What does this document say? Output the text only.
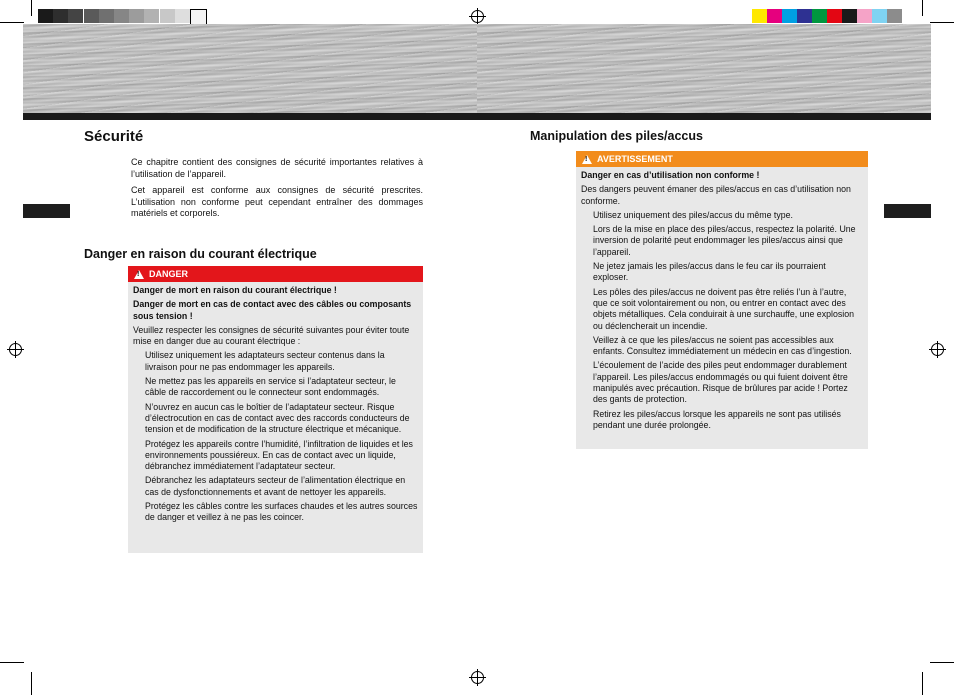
Sécurité

Ce chapitre contient des consignes de sécurité importantes relatives à l’utilisation de l’appareil.

Cet appareil est conforme aux consignes de sécurité prescrites. L’utilisation non conforme peut cependant entraîner des dommages matériels et corporels.

Danger en raison du courant électrique
! DANGER

Danger de mort en raison du courant électrique !

Danger de mort en cas de contact avec des câbles ou composants sous tension !

Veuillez respecter les consignes de sécurité suivantes pour éviter toute mise en danger due au courant électrique :

Utilisez uniquement les adaptateurs secteur contenus dans la livraison pour ne pas endommager les appareils.

Ne mettez pas les appareils en service si l’adaptateur secteur, le câble de raccordement ou le connecteur sont endommagés.

N’ouvrez en aucun cas le boîtier de l’adaptateur secteur. Risque d’électrocution en cas de contact avec des raccords conducteurs de tension et de modification de la structure électrique et mécanique.

Protégez les appareils contre l’humidité, l’infiltration de liquides et les environnements poussiéreux. En cas de contact avec un liquide, débranchez immédiatement l’adaptateur secteur.

Débranchez les adaptateurs secteur de l’alimentation électrique en cas de dysfonctionnements et avant de nettoyer les appareils.

Protégez les câbles contre les surfaces chaudes et les autres sources de danger et veillez à ne pas les coincer.

Manipulation des piles/accus
! AVERTISSEMENT

Danger en cas d’utilisation non conforme !

Des dangers peuvent émaner des piles/accus en cas d’utilisation non conforme.

Utilisez uniquement des piles/accus du même type.

Lors de la mise en place des piles/accus, respectez la polarité. Une inversion de polarité peut endommager les piles/accus ainsi que l’appareil.

Ne jetez jamais les piles/accus dans le feu car ils pourraient exploser.

Les pôles des piles/accus ne doivent pas être reliés l’un à l’autre, que ce soit volontairement ou non, ou entrer en contact avec des objets métalliques. Cela conduirait à une surchauffe, une explosion ou déclencherait un incendie.

Veillez à ce que les piles/accus ne soient pas accessibles aux enfants. Consultez immédiatement un médecin en cas d’ingestion.

L’écoulement de l’acide des piles peut endommager durablement l’appareil. Les piles/accus endommagés ou qui fuient doivent être manipulés avec précaution. Risque de brûlures par acide ! Portez des gants de protection.

Retirez les piles/accus lorsque les appareils ne sont pas utilisés pendant une durée prolongée.
